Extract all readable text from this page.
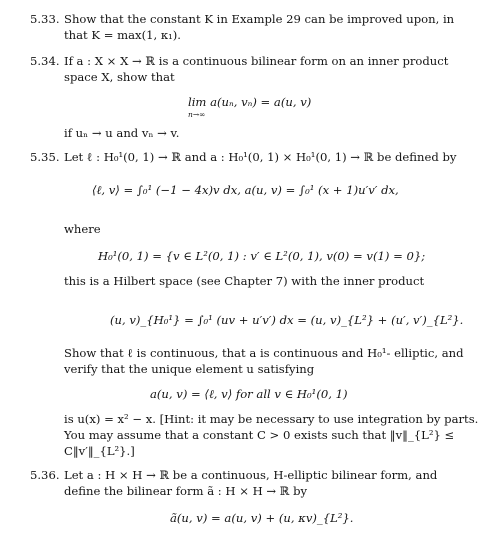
5.33. Show that the constant K in Example 29 can be improved upon, in
that K = max(1, κ₁).
5.34. If a : X × X → ℝ is a continuous bilinear form on an inner product
space X, show that
lim a(uₙ, vₙ) = a(u, v)
n→∞
if uₙ → u and vₙ → v.
5.35. Let ℓ : H₀¹(0, 1) → ℝ and a : H₀¹(0, 1) × H₀¹(0, 1) → ℝ be defined by
⟨ℓ, v⟩ = ∫₀¹ (−1 − 4x)v dx, a(u, v) = ∫₀¹ (x + 1)u′v′ dx,
where
H₀¹(0, 1) = {v ∈ L²(0, 1) : v′ ∈ L²(0, 1), v(0) = v(1) = 0};
this is a Hilbert space (see Chapter 7) with the inner product
(u, v)_{H₀¹} = ∫₀¹ (uv + u′v′) dx = (u, v)_{L²} + (u′, v′)_{L²}.
Show that ℓ is continuous, that a is continuous and H₀¹- elliptic, and
verify that the unique element u satisfying
a(u, v) = ⟨ℓ, v⟩ for all v ∈ H₀¹(0, 1)
is u(x) = x² − x. [Hint: it may be necessary to use integration by parts.
You may assume that a constant C > 0 exists such that ‖v‖_{L²} ≤
C‖v′‖_{L²}.]
5.36. Let a : H × H → ℝ be a continuous, H-elliptic bilinear form, and
define the bilinear form ã : H × H → ℝ by
ã(u, v) = a(u, v) + (u, κv)_{L²}.
